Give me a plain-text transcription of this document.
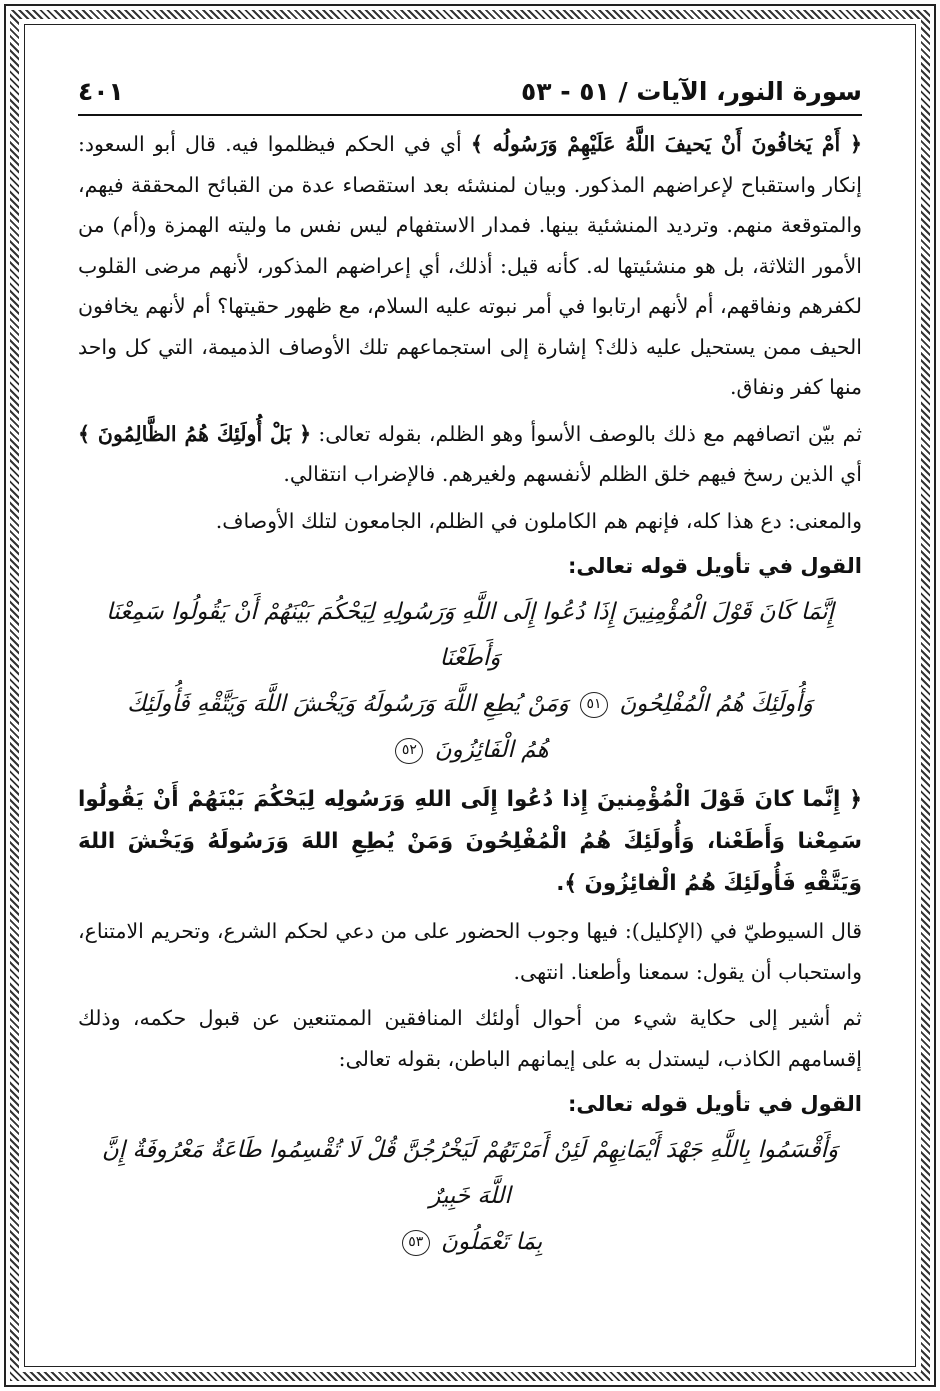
سورة النور، الآيات / ٥١ - ٥٣
٤٠١

﴿ أَمْ يَخافُونَ أَنْ يَحيفَ اللَّهُ عَلَيْهِمْ وَرَسُولُه ﴾ أي في الحكم فيظلموا فيه. قال أبو السعود: إنكار واستقباح لإعراضهم المذكور. وبيان لمنشئه بعد استقصاء عدة من القبائح المحققة فيهم، والمتوقعة منهم. وترديد المنشئية بينها. فمدار الاستفهام ليس نفس ما وليته الهمزة و(أم) من الأمور الثلاثة، بل هو منشئيتها له. كأنه قيل: أذلك، أي إعراضهم المذكور، لأنهم مرضى القلوب لكفرهم ونفاقهم، أم لأنهم ارتابوا في أمر نبوته عليه السلام، مع ظهور حقيتها؟ أم لأنهم يخافون الحيف ممن يستحيل عليه ذلك؟ إشارة إلى استجماعهم تلك الأوصاف الذميمة، التي كل واحد منها كفر ونفاق.

ثم بيّن اتصافهم مع ذلك بالوصف الأسوأ وهو الظلم، بقوله تعالى: ﴿ بَلْ أُولَئِكَ هُمُ الظَّالِمُونَ ﴾ أي الذين رسخ فيهم خلق الظلم لأنفسهم ولغيرهم. فالإضراب انتقالي.

والمعنى: دع هذا كله، فإنهم هم الكاملون في الظلم، الجامعون لتلك الأوصاف.

القول في تأويل قوله تعالى:
إِنَّمَا كَانَ قَوْلَ الْمُؤْمِنِينَ إِذَا دُعُوا إِلَى اللَّهِ وَرَسُولِهِ لِيَحْكُمَ بَيْنَهُمْ أَنْ يَقُولُوا سَمِعْنَا وَأَطَعْنَا
وَأُولَئِكَ هُمُ الْمُفْلِحُونَ ٥١ وَمَنْ يُطِعِ اللَّهَ وَرَسُولَهُ وَيَخْشَ اللَّهَ وَيَتَّقْهِ فَأُولَئِكَ
هُمُ الْفَائِزُونَ ٥٢

﴿ إِنَّما كانَ قَوْلَ الْمُؤْمِنينَ إِذا دُعُوا إِلَى اللهِ وَرَسُولِه لِيَحْكُمَ بَيْنَهُمْ أَنْ يَقُولُوا سَمِعْنا وَأَطَعْنا، وَأُولَئِكَ هُمُ الْمُفْلِحُونَ وَمَنْ يُطِعِ اللهَ وَرَسُولَهُ وَيَخْشَ اللهَ وَيَتَّقْهِ فَأُولَئِكَ هُمُ الْفائِزُونَ ﴾.

قال السيوطيّ في (الإكليل): فيها وجوب الحضور على من دعي لحكم الشرع، وتحريم الامتناع، واستحباب أن يقول: سمعنا وأطعنا. انتهى.

ثم أشير إلى حكاية شيء من أحوال أولئك المنافقين الممتنعين عن قبول حكمه، وذلك إقسامهم الكاذب، ليستدل به على إيمانهم الباطن، بقوله تعالى:

القول في تأويل قوله تعالى:
وَأَقْسَمُوا بِاللَّهِ جَهْدَ أَيْمَانِهِمْ لَئِنْ أَمَرْتَهُمْ لَيَخْرُجُنَّ قُلْ لَا تُقْسِمُوا طَاعَةٌ مَعْرُوفَةٌ إِنَّ اللَّهَ خَبِيرٌ
بِمَا تَعْمَلُونَ ٥٣
